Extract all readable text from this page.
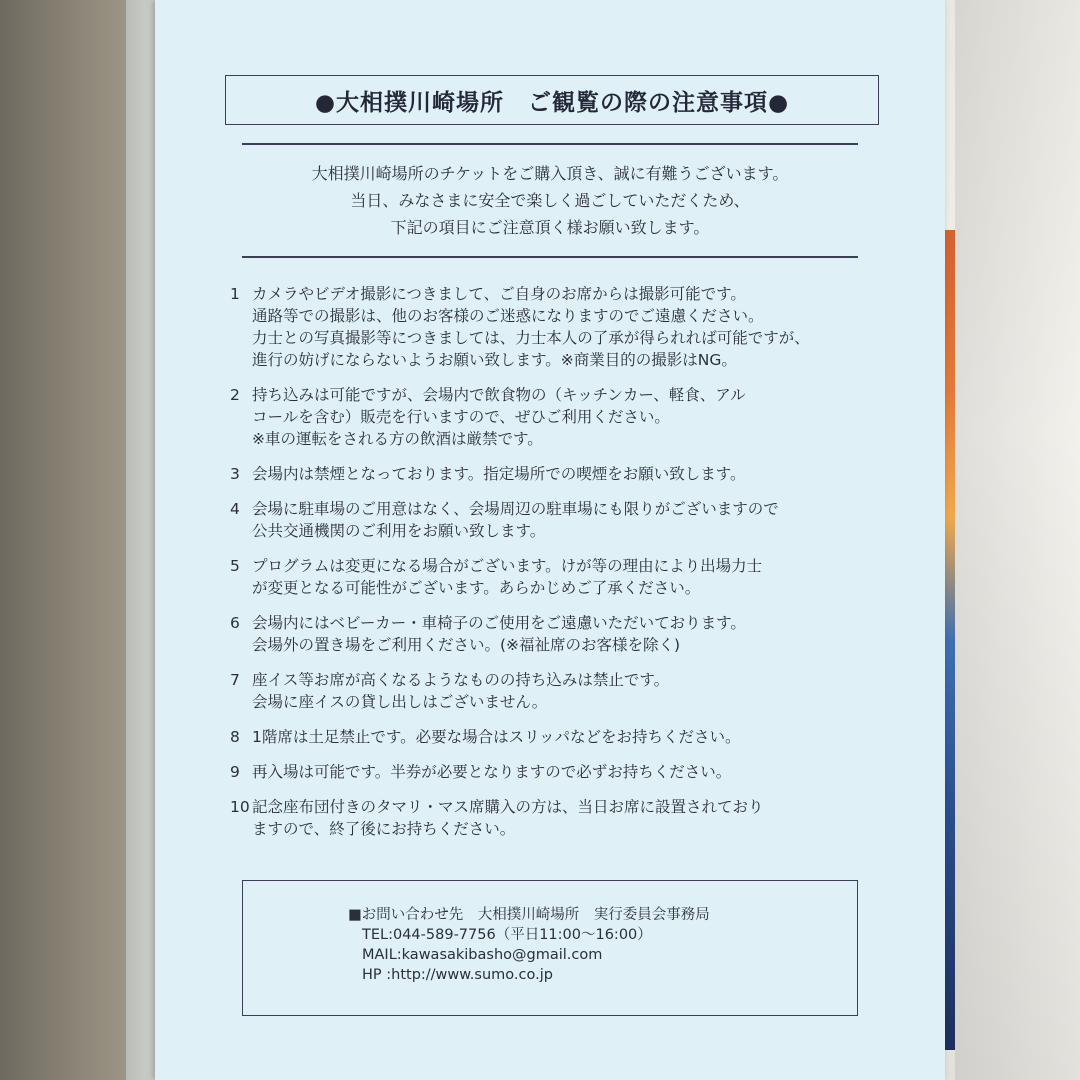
●大相撲川崎場所　ご観覧の際の注意事項●
大相撲川崎場所のチケットをご購入頂き、誠に有難うございます。
当日、みなさまに安全で楽しく過ごしていただくため、
下記の項目にご注意頂く様お願い致します。
1 カメラやビデオ撮影につきまして、ご自身のお席からは撮影可能です。
通路等での撮影は、他のお客様のご迷惑になりますのでご遠慮ください。
力士との写真撮影等につきましては、力士本人の了承が得られれば可能ですが、
進行の妨げにならないようお願い致します。※商業目的の撮影はNG。
2 持ち込みは可能ですが、会場内で飲食物の（キッチンカー、軽食、アル
コールを含む）販売を行いますので、ぜひご利用ください。
※車の運転をされる方の飲酒は厳禁です。
3 会場内は禁煙となっております。指定場所での喫煙をお願い致します。
4 会場に駐車場のご用意はなく、会場周辺の駐車場にも限りがございますので
公共交通機関のご利用をお願い致します。
5 プログラムは変更になる場合がございます。けが等の理由により出場力士
が変更となる可能性がございます。あらかじめご了承ください。
6 会場内にはベビーカー・車椅子のご使用をご遠慮いただいております。
会場外の置き場をご利用ください。(※福祉席のお客様を除く)
7 座イス等お席が高くなるようなものの持ち込みは禁止です。
会場に座イスの貸し出しはございません。
8 1階席は土足禁止です。必要な場合はスリッパなどをお持ちください。
9 再入場は可能です。半券が必要となりますので必ずお持ちください。
10 記念座布団付きのタマリ・マス席購入の方は、当日お席に設置されており
ますので、終了後にお持ちください。
■お問い合わせ先　大相撲川崎場所　実行委員会事務局
TEL:044-589-7756（平日11:00〜16:00）
MAIL:kawasakibasho@gmail.com
HP :http://www.sumo.co.jp
